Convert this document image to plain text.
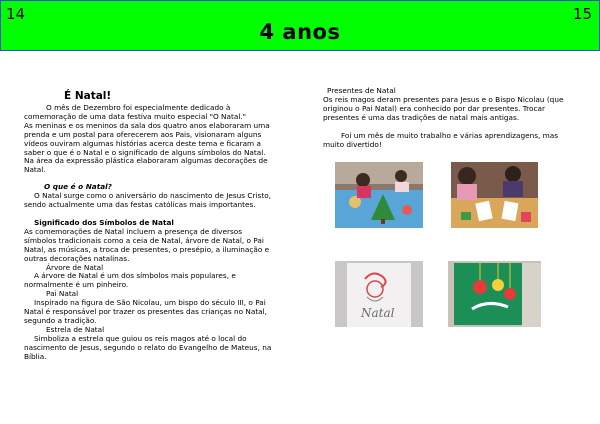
14	15
4 anos

É Natal!

O mês de Dezembro foi especialmente dedicado à comemoração de uma data festiva muito especial "O Natal."

As meninas e os meninos da sala dos quatro anos elaboraram uma prenda e um postal para oferecerem aos Pais, visionaram alguns vídeos ouviram algumas histórias acerca deste tema e ficaram a saber o que é o Natal e o significado de alguns símbolos do Natal. Na área da expressão plástica elaboraram algumas decorações de Natal.

O que é o Natal?

O Natal surge como o aniversário do nascimento de Jesus Cristo, sendo actualmente uma das festas católicas mais importantes.

Significado dos Símbolos de Natal

As comemorações de Natal incluem a presença de diversos símbolos tradicionais como a ceia de Natal, árvore de Natal, o Pai Natal, as músicas, a troca de presentes, o presépio, a iluminação e outras decorações natalinas.

Árvore de Natal

A árvore de Natal é um dos símbolos mais populares, e normalmente é um pinheiro.

Pai Natal

Inspirado na figura de São Nicolau, um bispo do século III, o Pai Natal é responsável por trazer os presentes das crianças no Natal, segundo a tradição.

Estrela de Natal

Simboliza a estrela que guiou os reis magos até o local do nascimento de Jesus, segundo o relato do Evangelho de Mateus, na Bíblia.

Presentes de Natal

Os reis magos deram presentes para Jesus e o Bispo Nicolau (que originou o Pai Natal) era conhecido por dar presentes. Trocar presentes é uma das tradições de natal mais antigas.

Foi um mês de muito trabalho e várias aprendizagens, mas muito divertido!

Natal
